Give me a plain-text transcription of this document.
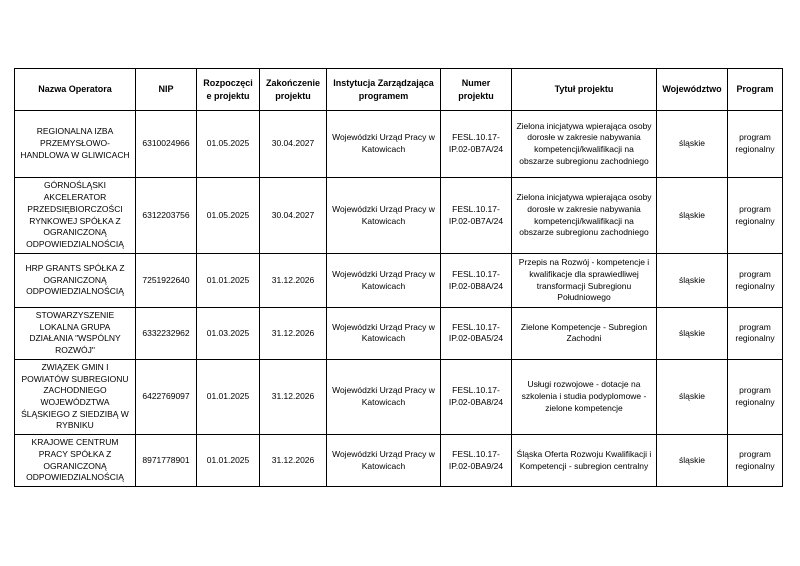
Nazwa Operatora	NIP	Rozpoczęcie projektu	Zakończenie projektu	Instytucja Zarządzająca programem	Numer projektu	Tytuł projektu	Województwo	Program
REGIONALNA IZBA PRZEMYSŁOWO-HANDLOWA W GLIWICACH	6310024966	01.05.2025	30.04.2027	Wojewódzki Urząd Pracy w Katowicach	FESL.10.17-IP.02-0B7A/24	Zielona inicjatywa wpierająca osoby dorosłe w zakresie nabywania kompetencji/kwalifikacji na obszarze subregionu zachodniego	śląskie	program regionalny
GÓRNOŚLĄSKI AKCELERATOR PRZEDSIĘBIORCZOŚCI RYNKOWEJ SPÓŁKA Z OGRANICZONĄ ODPOWIEDZIALNOŚCIĄ	6312203756	01.05.2025	30.04.2027	Wojewódzki Urząd Pracy w Katowicach	FESL.10.17-IP.02-0B7A/24	Zielona inicjatywa wpierająca osoby dorosłe w zakresie nabywania kompetencji/kwalifikacji na obszarze subregionu zachodniego	śląskie	program regionalny
HRP GRANTS SPÓŁKA Z OGRANICZONĄ ODPOWIEDZIALNOŚCIĄ	7251922640	01.01.2025	31.12.2026	Wojewódzki Urząd Pracy w Katowicach	FESL.10.17-IP.02-0B8A/24	Przepis na Rozwój - kompetencje i kwalifikacje dla sprawiedliwej transformacji Subregionu Południowego	śląskie	program regionalny
STOWARZYSZENIE LOKALNA GRUPA DZIAŁANIA "WSPÓLNY ROZWÓJ"	6332232962	01.03.2025	31.12.2026	Wojewódzki Urząd Pracy w Katowicach	FESL.10.17-IP.02-0BA5/24	Zielone Kompetencje - Subregion Zachodni	śląskie	program regionalny
ZWIĄZEK GMIN I POWIATÓW SUBREGIONU ZACHODNIEGO WOJEWÓDZTWA ŚLĄSKIEGO Z SIEDZIBĄ W RYBNIKU	6422769097	01.01.2025	31.12.2026	Wojewódzki Urząd Pracy w Katowicach	FESL.10.17-IP.02-0BA8/24	Usługi rozwojowe - dotacje na szkolenia i studia podyplomowe - zielone kompetencje	śląskie	program regionalny
KRAJOWE CENTRUM PRACY SPÓŁKA Z OGRANICZONĄ ODPOWIEDZIALNOŚCIĄ	8971778901	01.01.2025	31.12.2026	Wojewódzki Urząd Pracy w Katowicach	FESL.10.17-IP.02-0BA9/24	Śląska Oferta Rozwoju Kwalifikacji i Kompetencji - subregion centralny	śląskie	program regionalny
